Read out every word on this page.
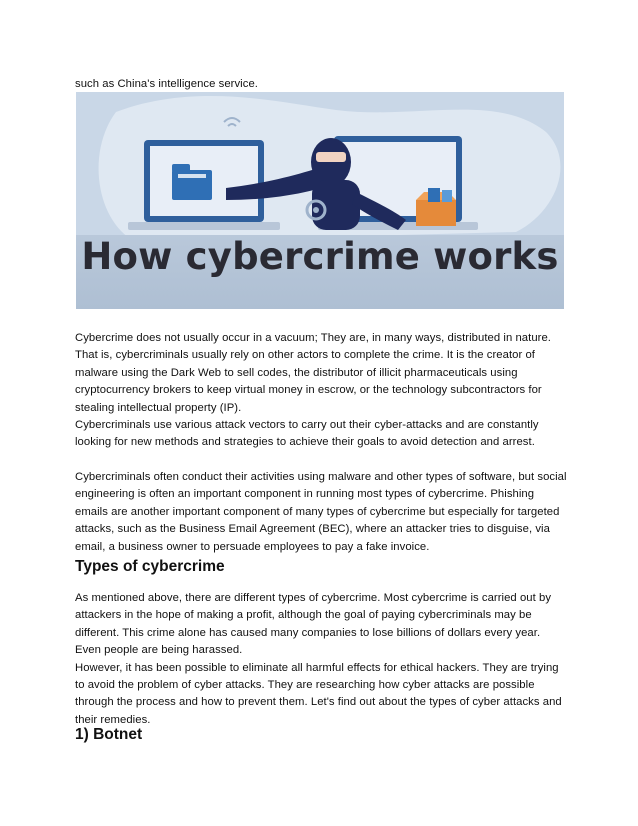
such as China's intelligence service.

How cybercrime works

Cybercrime does not usually occur in a vacuum; They are, in many ways, distributed in nature. That is, cybercriminals usually rely on other actors to complete the crime. It is the creator of malware using the Dark Web to sell codes, the distributor of illicit pharmaceuticals using cryptocurrency brokers to keep virtual money in escrow, or the technology subcontractors for stealing intellectual property (IP).

Cybercriminals use various attack vectors to carry out their cyber-attacks and are constantly looking for new methods and strategies to achieve their goals to avoid detection and arrest.

Cybercriminals often conduct their activities using malware and other types of software, but social engineering is often an important component in running most types of cybercrime. Phishing emails are another important component of many types of cybercrime but especially for targeted attacks, such as the Business Email Agreement (BEC), where an attacker tries to disguise, via email, a business owner to persuade employees to pay a fake invoice.

Types of cybercrime
As mentioned above, there are different types of cybercrime. Most cybercrime is carried out by attackers in the hope of making a profit, although the goal of paying cybercriminals may be different. This crime alone has caused many companies to lose billions of dollars every year. Even people are being harassed.
However, it has been possible to eliminate all harmful effects for ethical hackers. They are trying to avoid the problem of cyber attacks. They are researching how cyber attacks are possible through the process and how to prevent them. Let's find out about the types of cyber attacks and their remedies.
1) Botnet
